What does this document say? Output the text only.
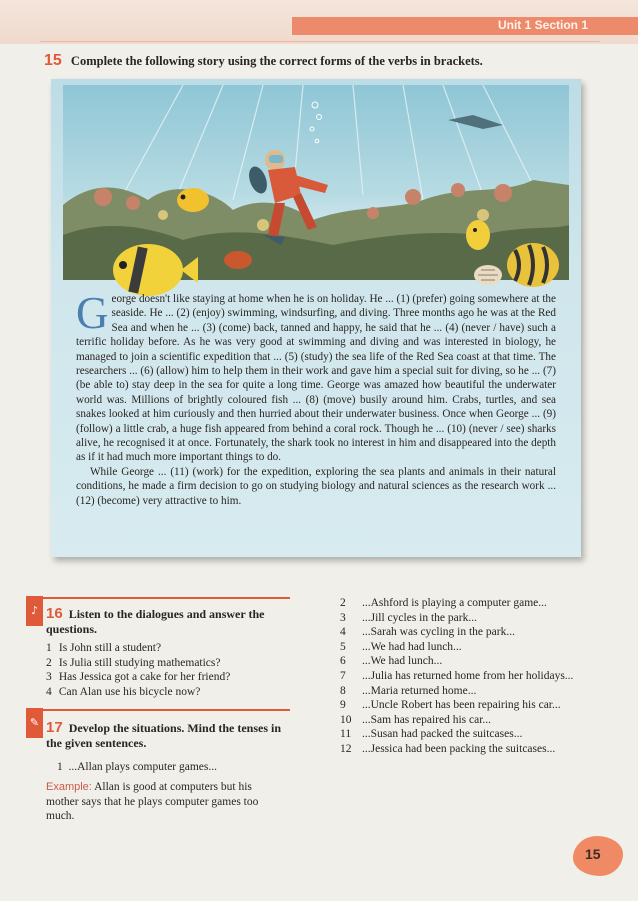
Unit 1 Section 1
15 Complete the following story using the correct forms of the verbs in brackets.

George doesn't like staying at home when he is on holiday. He ... (1) (prefer) going somewhere at the seaside. He ... (2) (enjoy) swimming, windsurfing, and diving. Three months ago he was at the Red Sea and when he ... (3) (come) back, tanned and happy, he said that he ... (4) (never / have) such a terrific holiday before. As he was very good at swimming and diving and was interested in biology, he managed to join a scientific expedition that ... (5) (study) the sea life of the Red Sea coast at that time. The researchers ... (6) (allow) him to help them in their work and gave him a special suit for diving, so he ... (7) (be able to) stay deep in the sea for quite a long time. George was amazed how beautiful the underwater world was. Millions of brightly coloured fish ... (8) (move) busily around him. Crabs, turtles, and sea snakes looked at him curiously and then hurried about their underwater business. Once when George ... (9) (follow) a little crab, a huge fish appeared from behind a coral rock. Though he ... (10) (never / see) sharks alive, he recognised it at once. Fortunately, the shark took no interest in him and disappeared into the depth as if it had much more important things to do.

While George ... (11) (work) for the expedition, exploring the sea plants and animals in their natural conditions, he made a firm decision to go on studying biology and natural sciences as the research work ... (12) (become) very attractive to him.

♪ 16 Listen to the dialogues and answer the questions.
1 Is John still a student?
2 Is Julia still studying mathematics?
3 Has Jessica got a cake for her friend?
4 Can Alan use his bicycle now?
✎ 17 Develop the situations. Mind the tenses in the given sentences.
1 ...Allan plays computer games...
Example: Allan is good at computers but his mother says that he plays computer games too much.
2	...Ashford is playing a computer game...
3	...Jill cycles in the park...
4	...Sarah was cycling in the park...
5	...We had had lunch...
6	...We had lunch...
7	...Julia has returned home from her holidays...
8	...Maria returned home...
9	...Uncle Robert has been repairing his car...
10 ...Sam has repaired his car...
11 ...Susan had packed the suitcases...
12 ...Jessica had been packing the suitcases...
15
